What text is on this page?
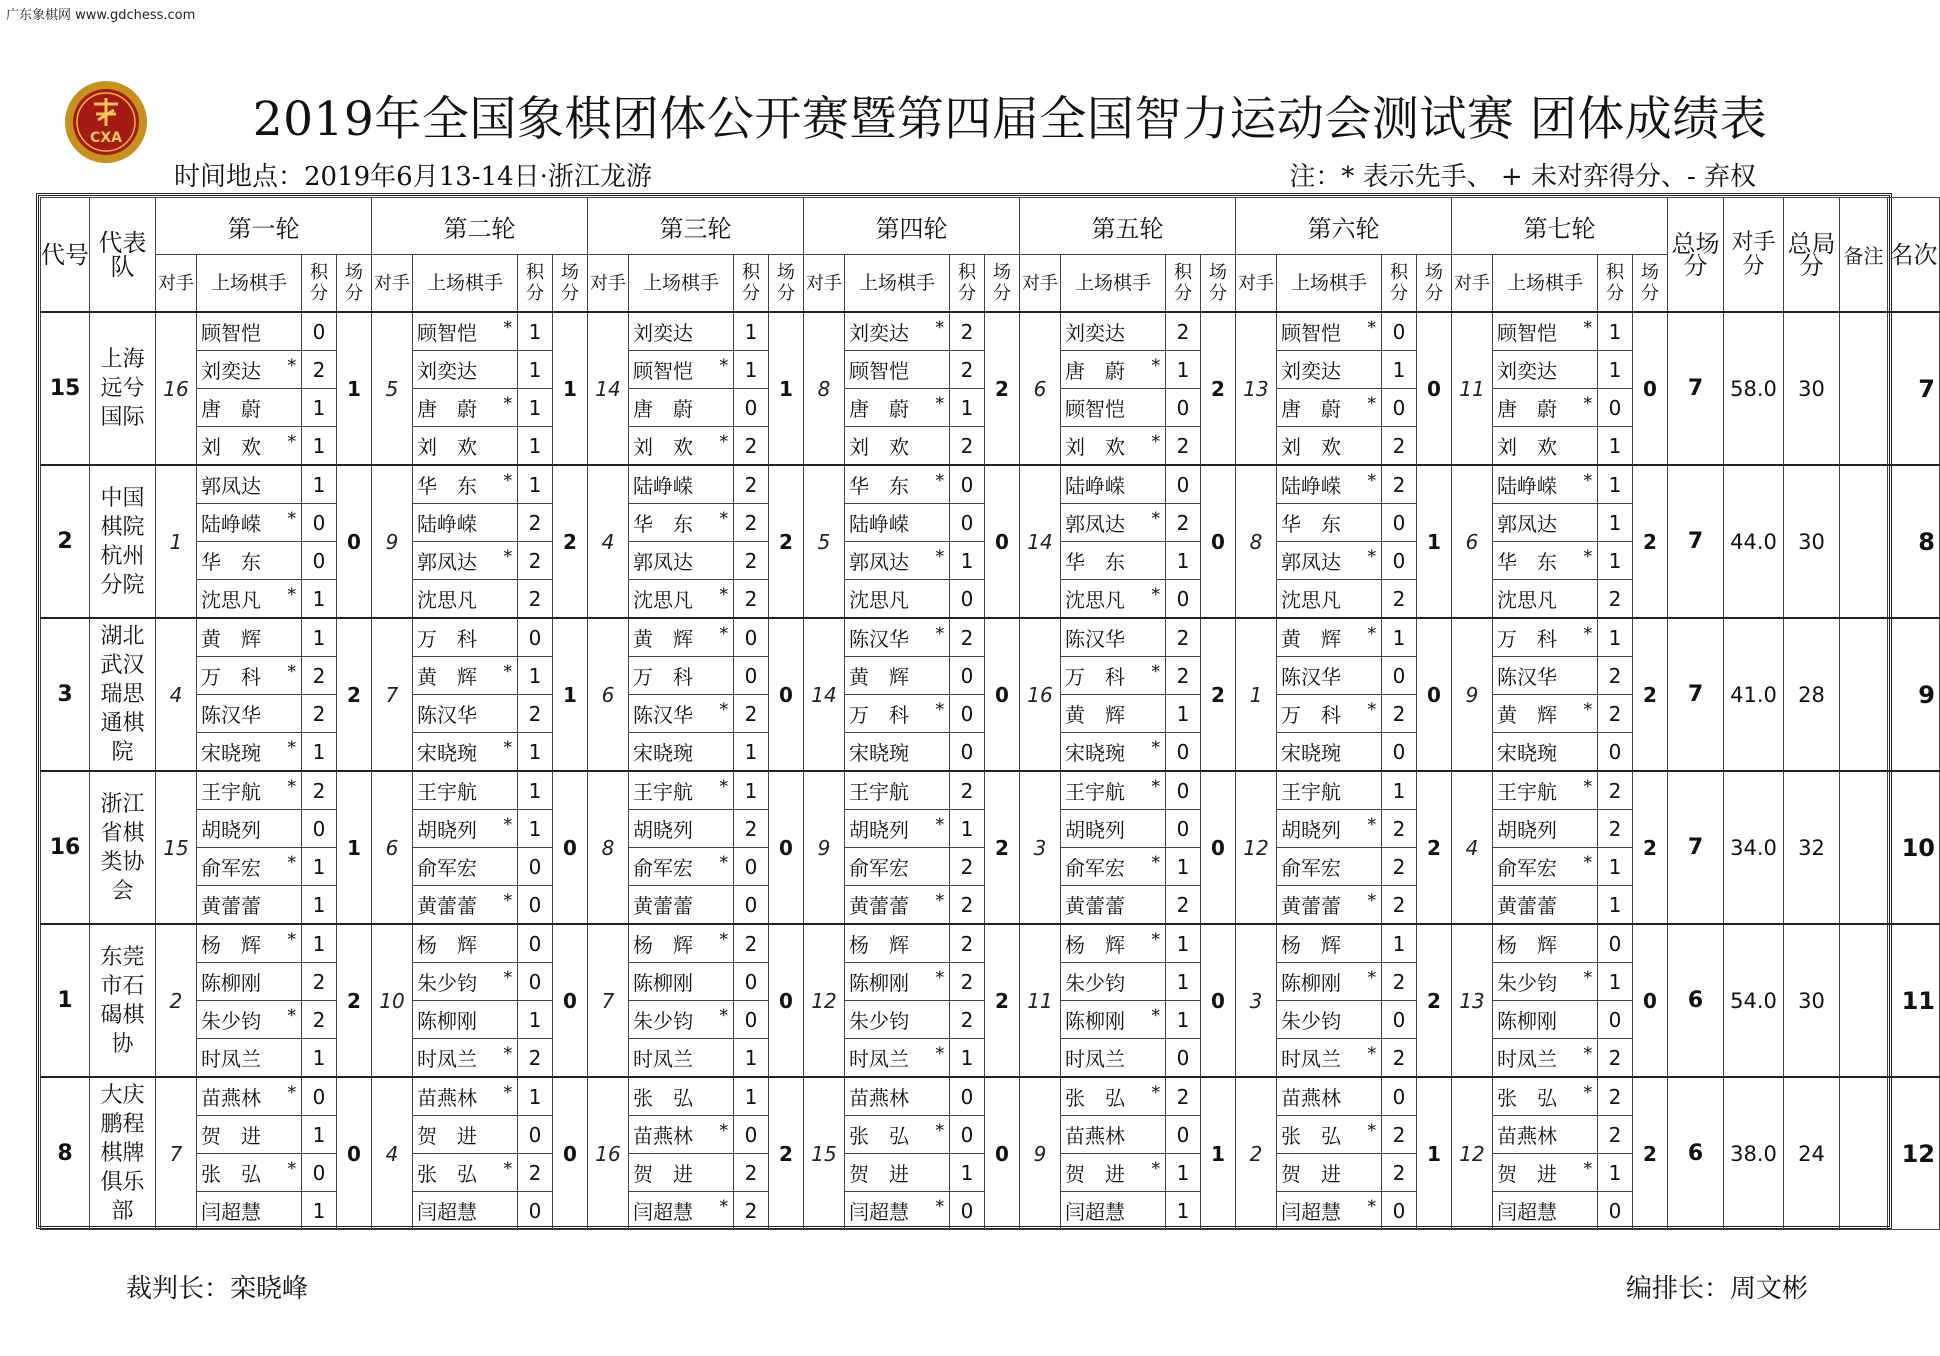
广东象棋网 www.gdchess.com
CXA	2019年全国象棋团体公开赛暨第四届全国智力运动会测试赛 团体成绩表
时间地点：2019年6月13-14日·浙江龙游	注：* 表示先手、 + 未对弈得分、- 弃权
代号	代表队	第一轮				第二轮				第三轮				第四轮				第五轮				第六轮				第七轮				总场分	对手分	总局分	备注	名次
		对手	上场棋手	积分	场分	对手	上场棋手	积分	场分	对手	上场棋手	积分	场分	对手	上场棋手	积分	场分	对手	上场棋手	积分	场分	对手	上场棋手	积分	场分	对手	上场棋手	积分	场分					
15	上海远兮国际	16	顾智恺	0	1	5	顾智恺 *	1	1	14	刘奕达	1	1	8	刘奕达 *	2	2	6	刘奕达	2	2	13	顾智恺 *	0	0	11	顾智恺 *	1	0	7	58.0	30		7
			刘奕达 *	2			刘奕达	1			顾智恺 *	1			顾智恺	2			唐　蔚 *	1			刘奕达	1			刘奕达	1						
			唐　蔚	1			唐　蔚 *	1			唐　蔚	0			唐　蔚 *	1			顾智恺	0			唐　蔚 *	0			唐　蔚 *	0						
			刘　欢 *	1			刘　欢	1			刘　欢 *	2			刘　欢	2			刘　欢 *	2			刘　欢	2			刘　欢	1						
2	中国棋院杭州分院	1	郭凤达	1	0	9	华　东 *	1	2	4	陆峥嵘	2	2	5	华　东 *	0	0	14	陆峥嵘	0	0	8	陆峥嵘 *	2	1	6	陆峥嵘 *	1	2	7	44.0	30		8
			陆峥嵘 *	0			陆峥嵘	2			华　东 *	2			陆峥嵘	0			郭凤达 *	2			华　东	0			郭凤达	1						
			华　东	0			郭凤达 *	2			郭凤达	2			郭凤达 *	1			华　东	1			郭凤达 *	0			华　东 *	1						
			沈思凡 *	1			沈思凡	2			沈思凡 *	2			沈思凡	0			沈思凡 *	0			沈思凡	2			沈思凡	2						
3	湖北武汉瑞思通棋院	4	黄　辉	1	2	7	万　科	0	1	6	黄　辉 *	0	0	14	陈汉华 *	2	0	16	陈汉华	2	2	1	黄　辉 *	1	0	9	万　科 *	1	2	7	41.0	28		9
			万　科 *	2			黄　辉 *	1			万　科	0			黄　辉	0			万　科 *	2			陈汉华	0			陈汉华	2						
			陈汉华	2			陈汉华	2			陈汉华 *	2			万　科 *	0			黄　辉	1			万　科 *	2			黄　辉 *	2						
			宋晓琬 *	1			宋晓琬 *	1			宋晓琬	1			宋晓琬	0			宋晓琬 *	0			宋晓琬	0			宋晓琬	0						
16	浙江省棋类协会	15	王宇航 *	2	1	6	王宇航	1	0	8	王宇航 *	1	0	9	王宇航	2	2	3	王宇航 *	0	0	12	王宇航	1	2	4	王宇航 *	2	2	7	34.0	32		10
			胡晓列	0			胡晓列 *	1			胡晓列	2			胡晓列 *	1			胡晓列	0			胡晓列 *	2			胡晓列	2						
			俞军宏 *	1			俞军宏	0			俞军宏 *	0			俞军宏	2			俞军宏 *	1			俞军宏	2			俞军宏 *	1						
			黄蕾蕾	1			黄蕾蕾 *	0			黄蕾蕾	0			黄蕾蕾 *	2			黄蕾蕾	2			黄蕾蕾 *	2			黄蕾蕾	1						
1	东莞市石碣棋协	2	杨　辉 *	1	2	10	杨　辉	0	0	7	杨　辉 *	2	0	12	杨　辉	2	2	11	杨　辉 *	1	0	3	杨　辉	1	2	13	杨　辉	0	0	6	54.0	30		11
			陈柳刚	2			朱少钧 *	0			陈柳刚	0			陈柳刚 *	2			朱少钧	1			陈柳刚 *	2			朱少钧 *	1						
			朱少钧 *	2			陈柳刚	1			朱少钧 *	0			朱少钧	2			陈柳刚 *	1			朱少钧	0			陈柳刚	0						
			时凤兰	1			时凤兰 *	2			时凤兰	1			时凤兰 *	1			时凤兰	0			时凤兰 *	2			时凤兰 *	2						
8	大庆鹏程棋牌俱乐部	7	苗燕林 *	0	0	4	苗燕林 *	1	0	16	张　弘	1	2	15	苗燕林	0	0	9	张　弘 *	2	1	2	苗燕林	0	1	12	张　弘 *	2	2	6	38.0	24		12
			贺　进	1			贺　进	0			苗燕林 *	0			张　弘 *	0			苗燕林	0			张　弘 *	2			苗燕林	2						
			张　弘 *	0			张　弘 *	2			贺　进	2			贺　进	1			贺　进 *	1			贺　进	2			贺　进 *	1						
			闫超慧	1			闫超慧	0			闫超慧 *	2			闫超慧 *	0			闫超慧	1			闫超慧 *	0			闫超慧	0						
裁判长：栾晓峰	编排长：周文彬
